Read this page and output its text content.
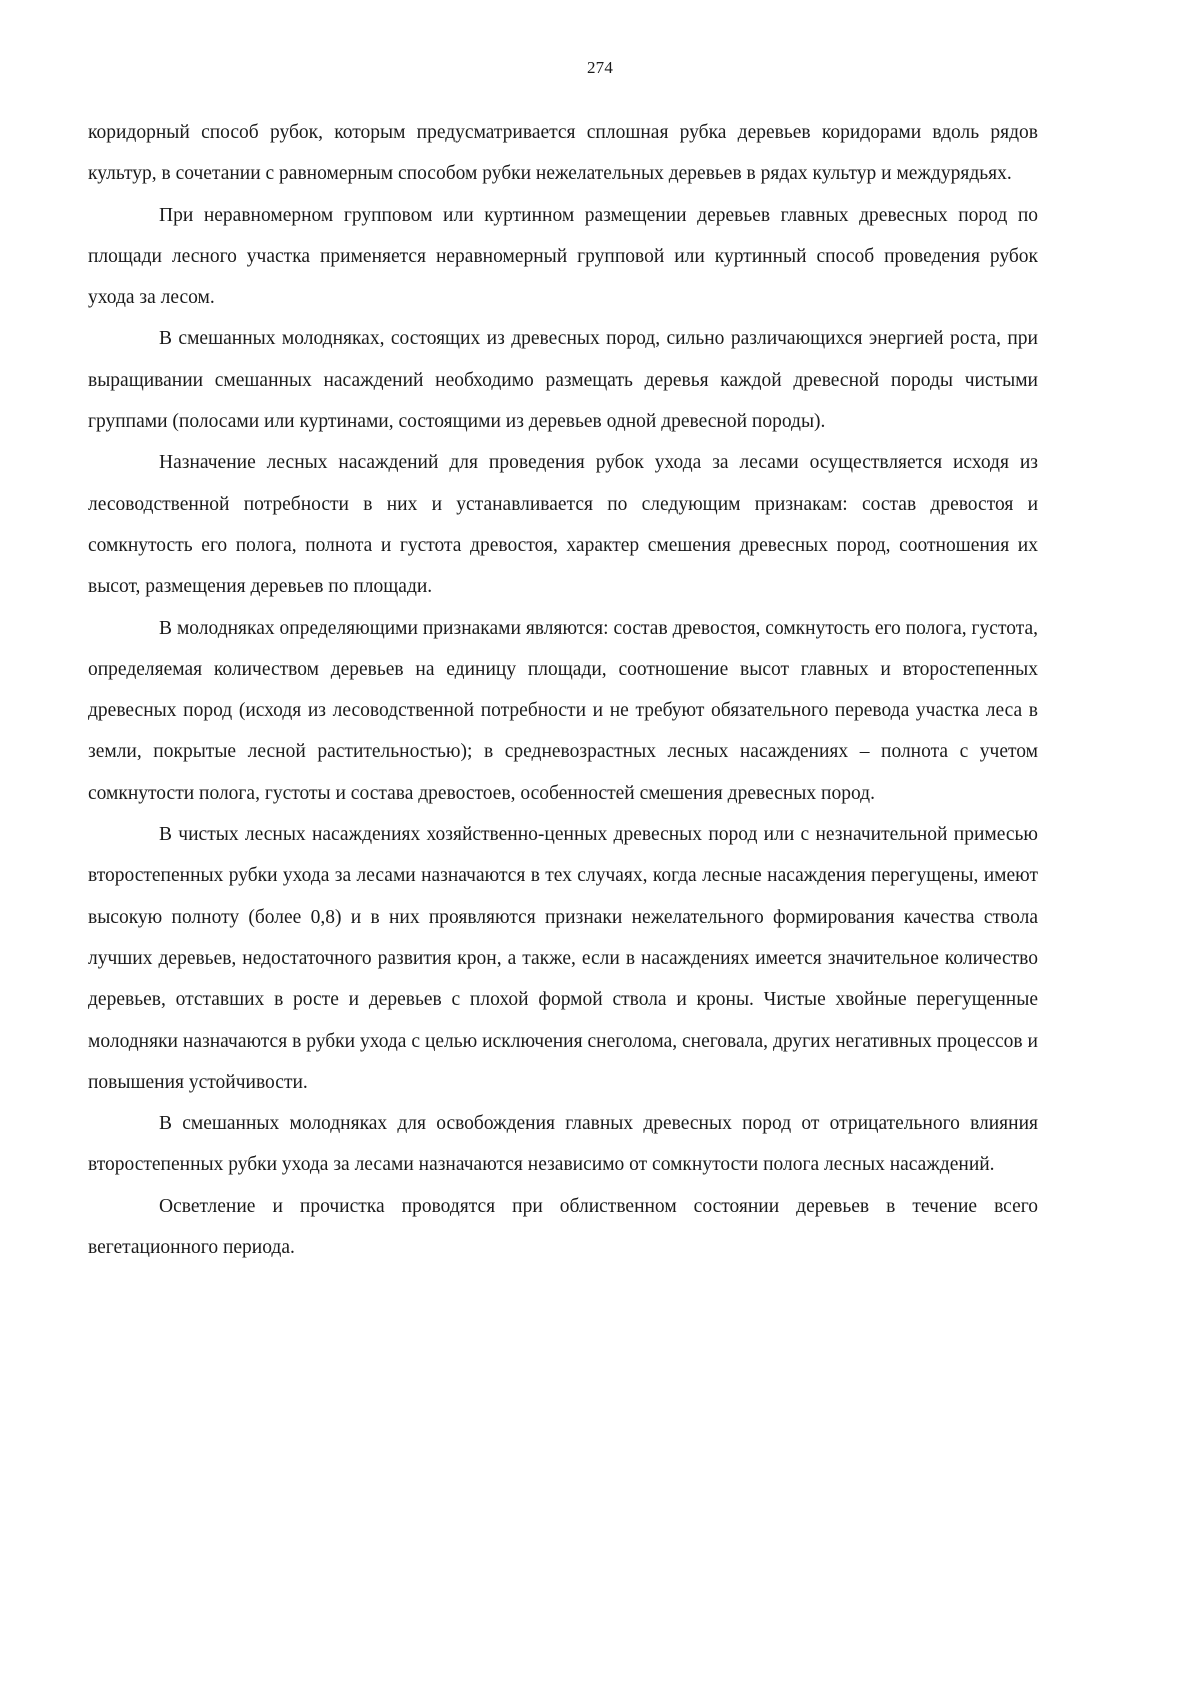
274

коридорный способ рубок, которым предусматривается сплошная рубка деревьев коридорами вдоль рядов культур, в сочетании с равномерным способом рубки нежелательных деревьев в рядах культур и междурядьях.

При неравномерном групповом или куртинном размещении деревьев главных древесных пород по площади лесного участка применяется неравномерный групповой или куртинный способ проведения рубок ухода за лесом.

В смешанных молодняках, состоящих из древесных пород, сильно различающихся энергией роста, при выращивании смешанных насаждений необходимо размещать деревья каждой древесной породы чистыми группами (полосами или куртинами, состоящими из деревьев одной древесной породы).

Назначение лесных насаждений для проведения рубок ухода за лесами осуществляется исходя из лесоводственной потребности в них и устанавливается по следующим признакам: состав древостоя и сомкнутость его полога, полнота и густота древостоя, характер смешения древесных пород, соотношения их высот, размещения деревьев по площади.

В молодняках определяющими признаками являются: состав древостоя, сомкнутость его полога, густота, определяемая количеством деревьев на единицу площади, соотношение высот главных и второстепенных древесных пород (исходя из лесоводственной потребности и не требуют обязательного перевода участка леса в земли, покрытые лесной растительностью); в средневозрастных лесных насаждениях – полнота с учетом сомкнутости полога, густоты и состава древостоев, особенностей смешения древесных пород.

В чистых лесных насаждениях хозяйственно-ценных древесных пород или с незначительной примесью второстепенных рубки ухода за лесами назначаются в тех случаях, когда лесные насаждения перегущены, имеют высокую полноту (более 0,8) и в них проявляются признаки нежелательного формирования качества ствола лучших деревьев, недостаточного развития крон, а также, если в насаждениях имеется значительное количество деревьев, отставших в росте и деревьев с плохой формой ствола и кроны. Чистые хвойные перегущенные молодняки назначаются в рубки ухода с целью исключения снеголома, снеговала, других негативных процессов и повышения устойчивости.

В смешанных молодняках для освобождения главных древесных пород от отрицательного влияния второстепенных рубки ухода за лесами назначаются независимо от сомкнутости полога лесных насаждений.

Осветление и прочистка проводятся при облиственном состоянии деревьев в течение всего вегетационного периода.
